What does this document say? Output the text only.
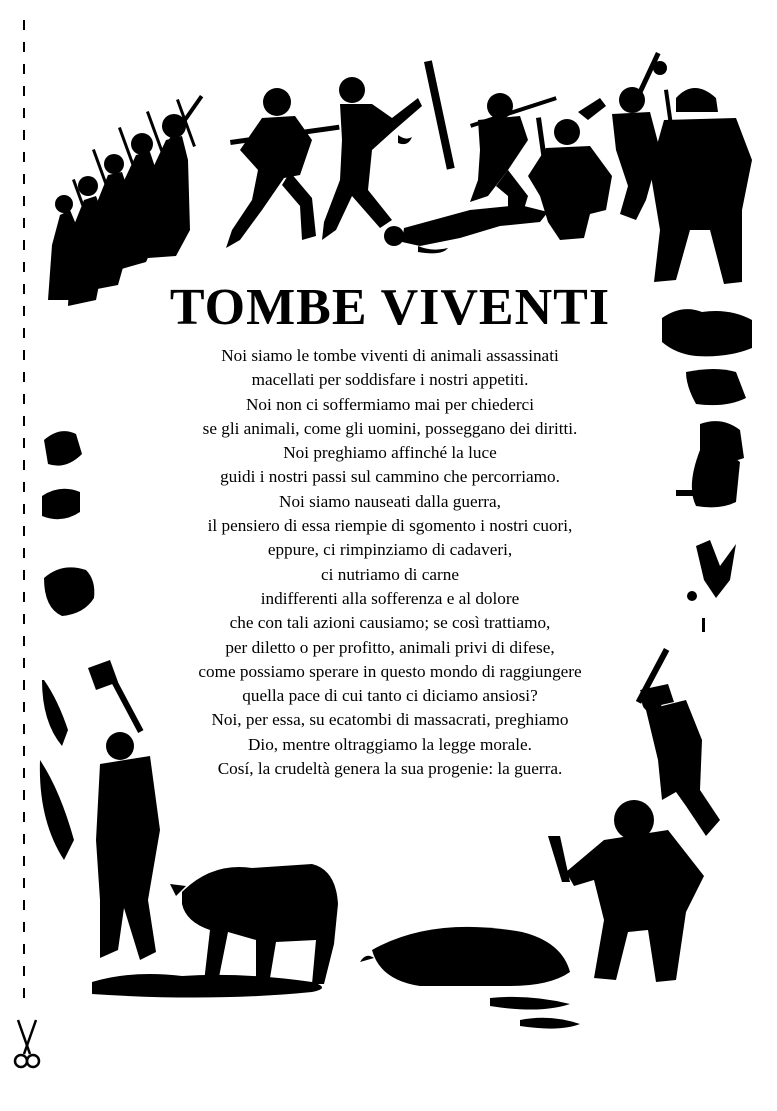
TOMBE VIVENTI
Noi siamo le tombe viventi di animali assassinati
macellati per soddisfare i nostri appetiti.
Noi non ci soffermiamo mai per chiederci
se gli animali, come gli uomini, posseggano dei diritti.
Noi preghiamo affinché la luce
guidi i nostri passi sul cammino che percorriamo.
Noi siamo nauseati dalla guerra,
il pensiero di essa riempie di sgomento i nostri cuori,
eppure, ci rimpinziamo di cadaveri,
ci nutriamo di carne
indifferenti alla sofferenza e al dolore
che con tali azioni causiamo; se così trattiamo,
per diletto o per profitto, animali privi di difese,
come possiamo sperare in questo mondo di raggiungere
quella pace di cui tanto ci diciamo ansiosi?
Noi, per essa, su ecatombi di massacrati, preghiamo
Dio, mentre oltraggiamo la legge morale.
Cosí, la crudeltà genera la sua progenie: la guerra.
